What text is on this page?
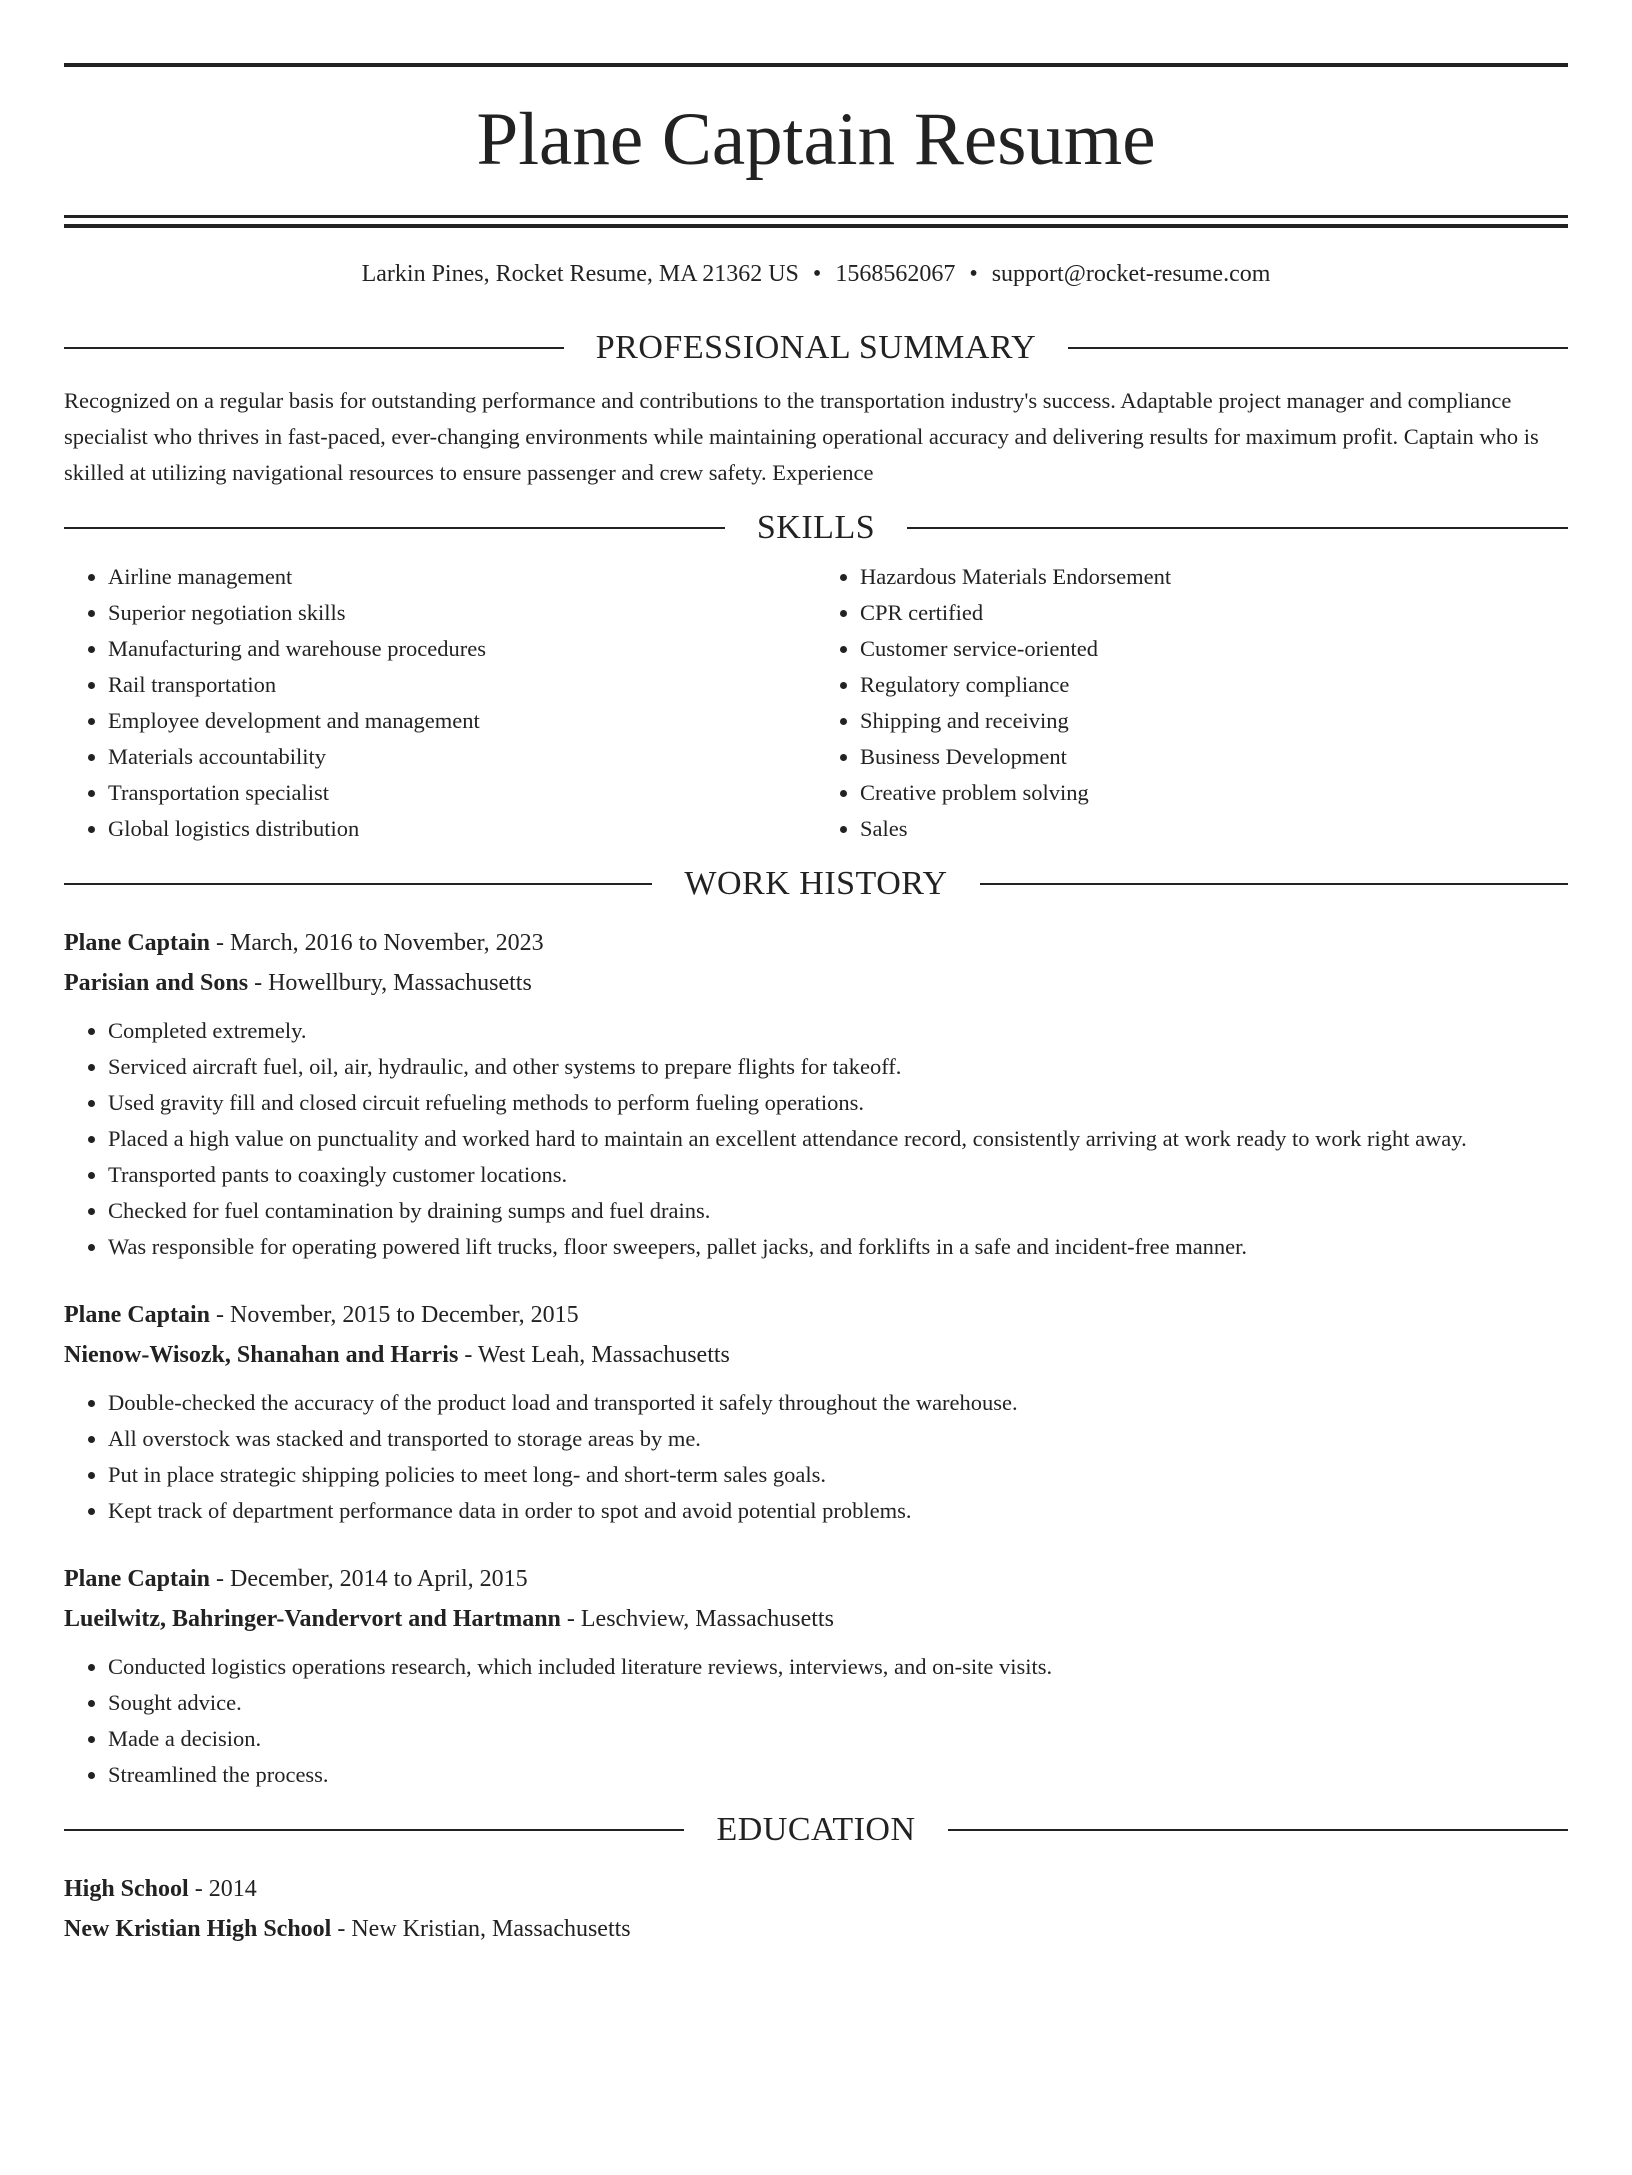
Plane Captain Resume
Larkin Pines, Rocket Resume, MA 21362 US • 1568562067 • support@rocket-resume.com
PROFESSIONAL SUMMARY
Recognized on a regular basis for outstanding performance and contributions to the transportation industry's success. Adaptable project manager and compliance specialist who thrives in fast-paced, ever-changing environments while maintaining operational accuracy and delivering results for maximum profit. Captain who is skilled at utilizing navigational resources to ensure passenger and crew safety. Experience
SKILLS
• Airline management
• Superior negotiation skills
• Manufacturing and warehouse procedures
• Rail transportation
• Employee development and management
• Materials accountability
• Transportation specialist
• Global logistics distribution
• Hazardous Materials Endorsement
• CPR certified
• Customer service-oriented
• Regulatory compliance
• Shipping and receiving
• Business Development
• Creative problem solving
• Sales
WORK HISTORY
Plane Captain - March, 2016 to November, 2023
Parisian and Sons - Howellbury, Massachusetts
• Completed extremely.
• Serviced aircraft fuel, oil, air, hydraulic, and other systems to prepare flights for takeoff.
• Used gravity fill and closed circuit refueling methods to perform fueling operations.
• Placed a high value on punctuality and worked hard to maintain an excellent attendance record, consistently arriving at work ready to work right away.
• Transported pants to coaxingly customer locations.
• Checked for fuel contamination by draining sumps and fuel drains.
• Was responsible for operating powered lift trucks, floor sweepers, pallet jacks, and forklifts in a safe and incident-free manner.
Plane Captain - November, 2015 to December, 2015
Nienow-Wisozk, Shanahan and Harris - West Leah, Massachusetts
• Double-checked the accuracy of the product load and transported it safely throughout the warehouse.
• All overstock was stacked and transported to storage areas by me.
• Put in place strategic shipping policies to meet long- and short-term sales goals.
• Kept track of department performance data in order to spot and avoid potential problems.
Plane Captain - December, 2014 to April, 2015
Lueilwitz, Bahringer-Vandervort and Hartmann - Leschview, Massachusetts
• Conducted logistics operations research, which included literature reviews, interviews, and on-site visits.
• Sought advice.
• Made a decision.
• Streamlined the process.
EDUCATION
High School - 2014
New Kristian High School - New Kristian, Massachusetts
